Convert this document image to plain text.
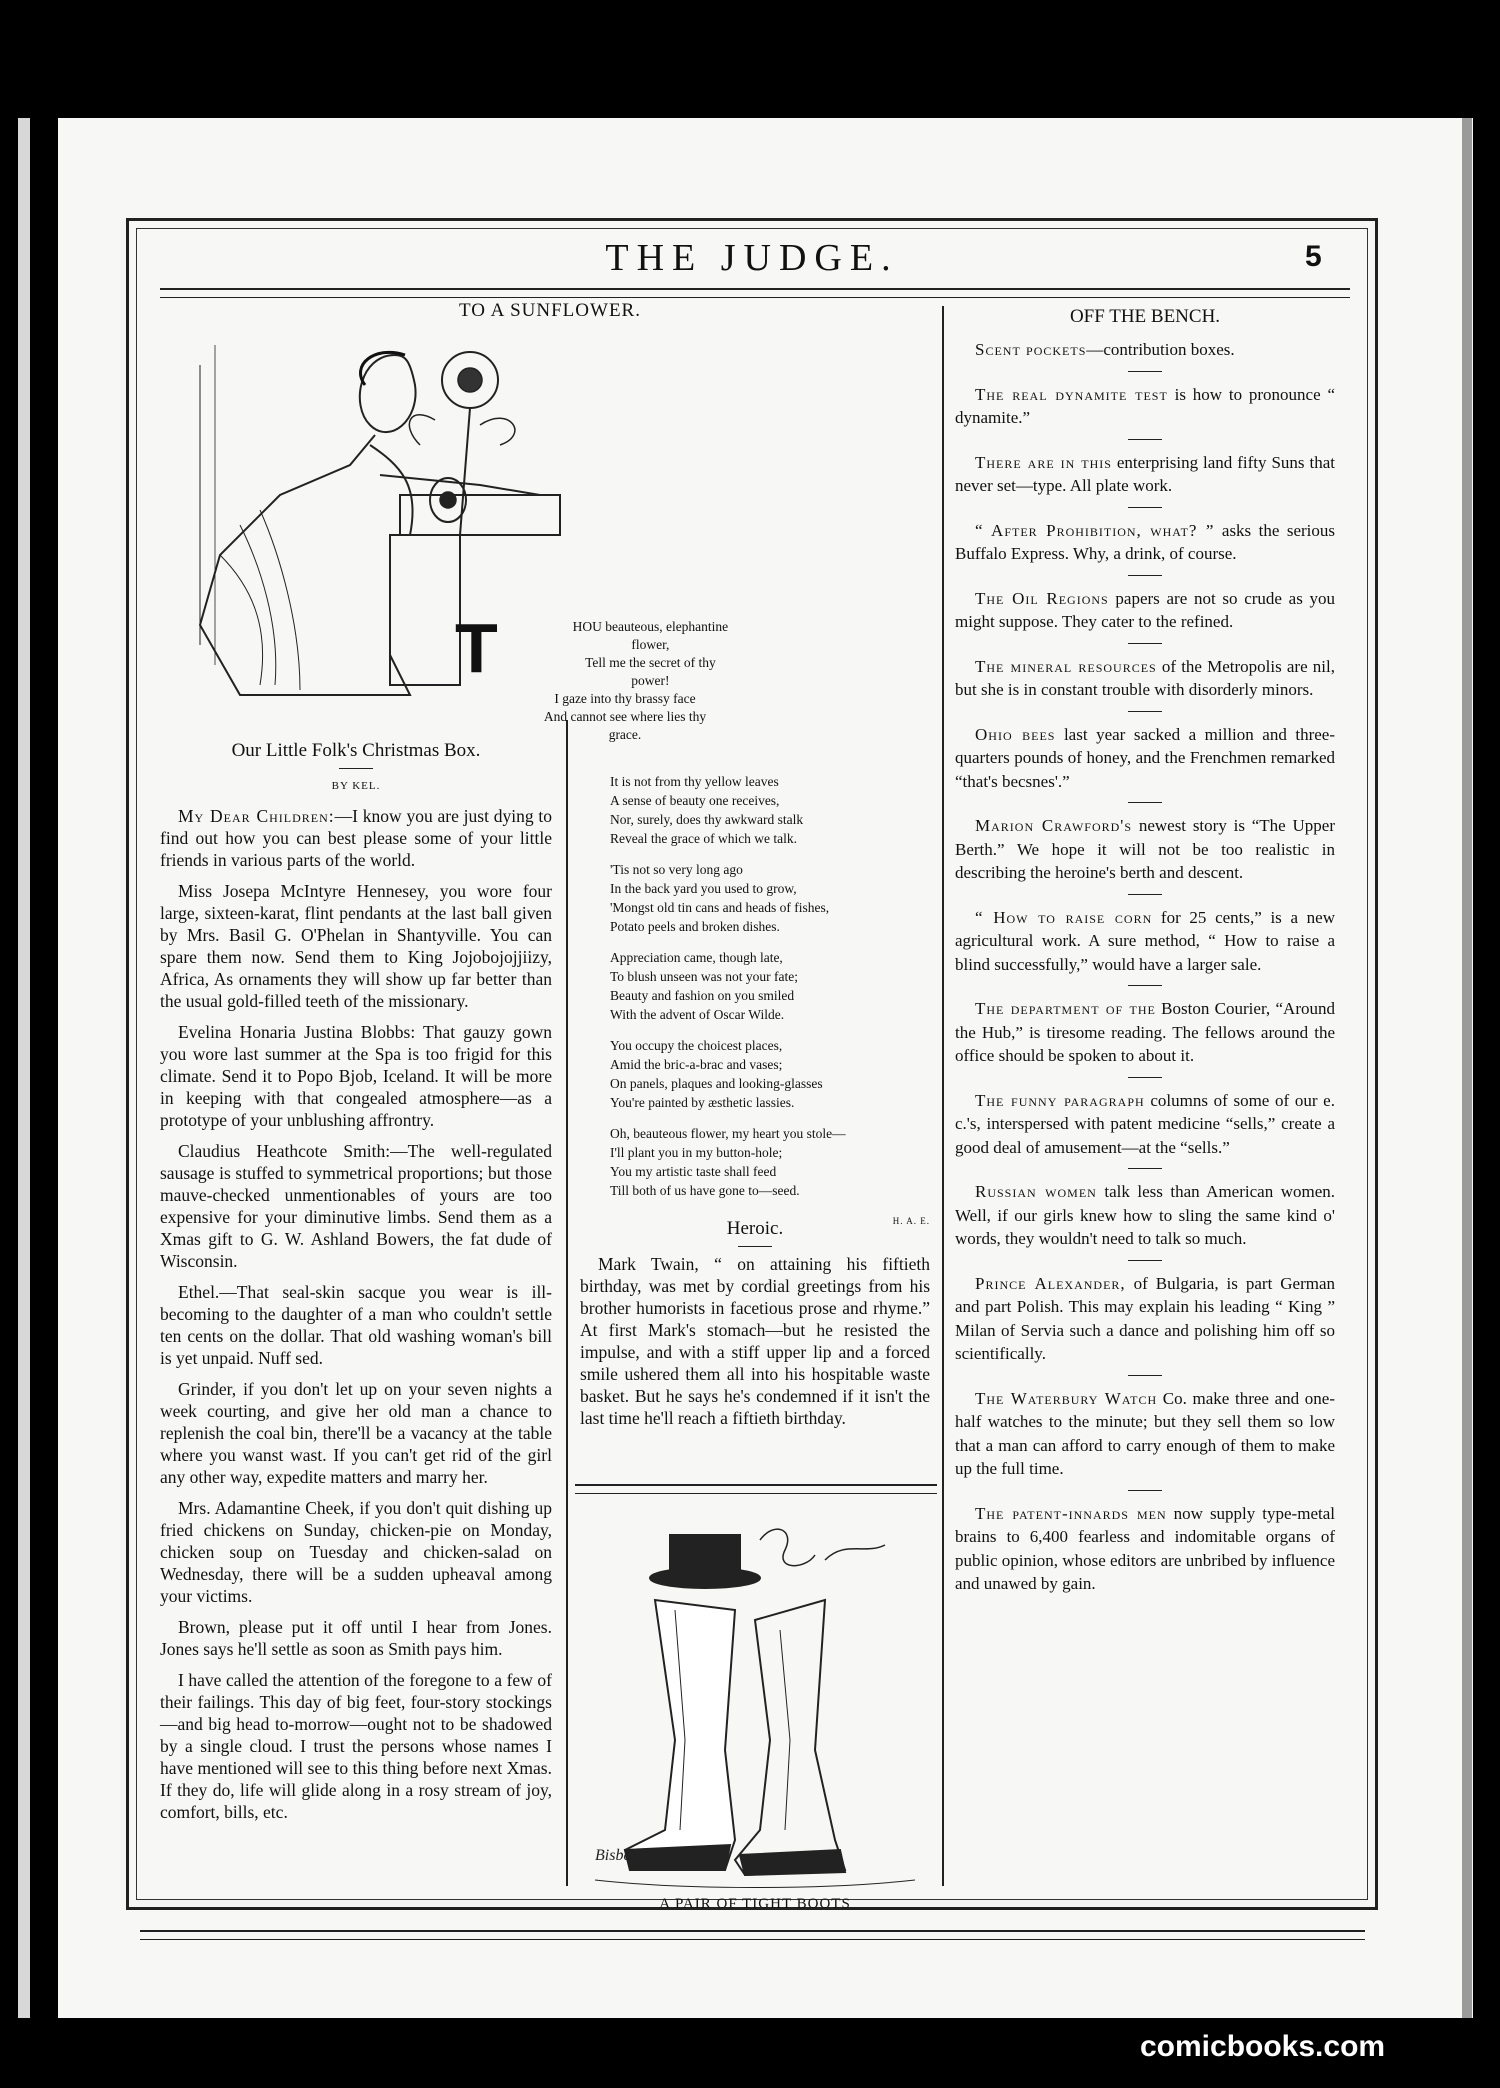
THE JUDGE.	5
TO A SUNFLOWER.
T	HOU beauteous, elephantine
flower,
Tell me the secret of thy
power!
I gaze into thy brassy face
And cannot see where lies thy
grace.
It is not from thy yellow leaves
A sense of beauty one receives,
Nor, surely, does thy awkward stalk
Reveal the grace of which we talk.
'Tis not so very long ago
In the back yard you used to grow,
'Mongst old tin cans and heads of fishes,
Potato peels and broken dishes.
Appreciation came, though late,
To blush unseen was not your fate;
Beauty and fashion on you smiled
With the advent of Oscar Wilde.
You occupy the choicest places,
Amid the bric-a-brac and vases;
On panels, plaques and looking-glasses
You're painted by æsthetic lassies.
Oh, beauteous flower, my heart you stole—
I'll plant you in my button-hole;
You my artistic taste shall feed
Till both of us have gone to—seed.
H. A. E.
Our Little Folk's Christmas Box.
BY KEL.

My Dear Children:—I know you are just dying to find out how you can best please some of your little friends in various parts of the world.

Miss Josepa McIntyre Hennesey, you wore four large, sixteen-karat, flint pendants at the last ball given by Mrs. Basil G. O'Phelan in Shantyville. You can spare them now. Send them to King Jojobojojjiizy, Africa, As ornaments they will show up far better than the usual gold-filled teeth of the missionary.

Evelina Honaria Justina Blobbs: That gauzy gown you wore last summer at the Spa is too frigid for this climate. Send it to Popo Bjob, Iceland. It will be more in keeping with that congealed atmosphere—as a prototype of your unblushing affrontry.

Claudius Heathcote Smith:—The well-regulated sausage is stuffed to symmetrical proportions; but those mauve-checked unmentionables of yours are too expensive for your diminutive limbs. Send them as a Xmas gift to G. W. Ashland Bowers, the fat dude of Wisconsin.

Ethel.—That seal-skin sacque you wear is ill-becoming to the daughter of a man who couldn't settle ten cents on the dollar. That old washing woman's bill is yet unpaid. Nuff sed.

Grinder, if you don't let up on your seven nights a week courting, and give her old man a chance to replenish the coal bin, there'll be a vacancy at the table where you wanst wast. If you can't get rid of the girl any other way, expedite matters and marry her.

Mrs. Adamantine Cheek, if you don't quit dishing up fried chickens on Sunday, chicken-pie on Monday, chicken soup on Tuesday and chicken-salad on Wednesday, there will be a sudden upheaval among your victims.

Brown, please put it off until I hear from Jones. Jones says he'll settle as soon as Smith pays him.

I have called the attention of the foregone to a few of their failings. This day of big feet, four-story stockings—and big head to-morrow—ought not to be shadowed by a single cloud. I trust the persons whose names I have mentioned will see to this thing before next Xmas. If they do, life will glide along in a rosy stream of joy, comfort, bills, etc.

Heroic.

Mark Twain, “ on attaining his fiftieth birthday, was met by cordial greetings from his brother humorists in facetious prose and rhyme.” At first Mark's stomach—but he resisted the impulse, and with a stiff upper lip and a forced smile ushered them all into his hospitable waste basket. But he says he's condemned if it isn't the last time he'll reach a fiftieth birthday.

Bisbee
A PAIR OF TIGHT BOOTS
OFF THE BENCH.

Scent pockets—contribution boxes.

The real dynamite test is how to pronounce “ dynamite.”

There are in this enterprising land fifty Suns that never set—type. All plate work.

“ After Prohibition, what? ” asks the serious Buffalo Express. Why, a drink, of course.

The Oil Regions papers are not so crude as you might suppose. They cater to the refined.

The mineral resources of the Metropolis are nil, but she is in constant trouble with disorderly minors.

Ohio bees last year sacked a million and three-quarters pounds of honey, and the Frenchmen remarked “that's becsnes'.”

Marion Crawford's newest story is “The Upper Berth.” We hope it will not be too realistic in describing the heroine's berth and descent.

“ How to raise corn for 25 cents,” is a new agricultural work. A sure method, “ How to raise a blind successfully,” would have a larger sale.

The department of the Boston Courier, “Around the Hub,” is tiresome reading. The fellows around the office should be spoken to about it.

The funny paragraph columns of some of our e. c.'s, interspersed with patent medicine “sells,” create a good deal of amusement—at the “sells.”

Russian women talk less than American women. Well, if our girls knew how to sling the same kind o' words, they wouldn't need to talk so much.

Prince Alexander, of Bulgaria, is part German and part Polish. This may explain his leading “ King ” Milan of Servia such a dance and polishing him off so scientifically.

The Waterbury Watch Co. make three and one-half watches to the minute; but they sell them so low that a man can afford to carry enough of them to make up the full time.

The patent-innards men now supply type-metal brains to 6,400 fearless and indomitable organs of public opinion, whose editors are unbribed by influence and unawed by gain.

comicbooks.com
